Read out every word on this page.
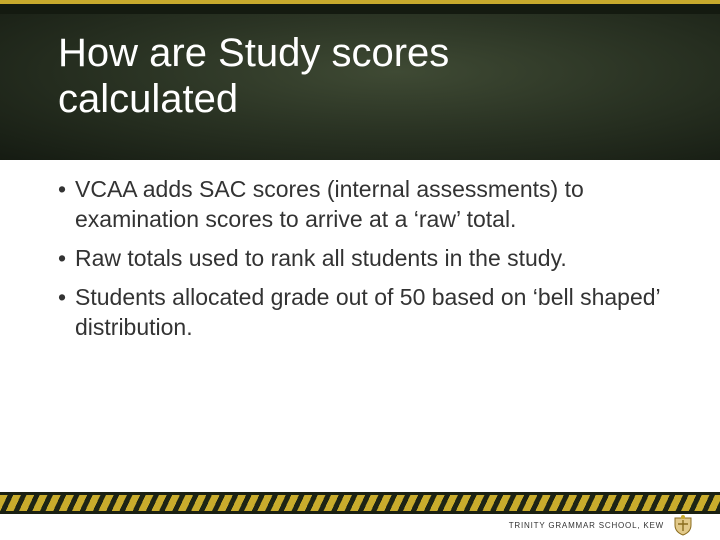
How are Study scores
calculated
• VCAA adds SAC scores (internal assessments) to examination scores to arrive at a ‘raw’ total.
• Raw totals used to rank all students in the study.
• Students allocated grade out of 50 based on ‘bell shaped’ distribution.
TRINITY GRAMMAR SCHOOL, KEW
